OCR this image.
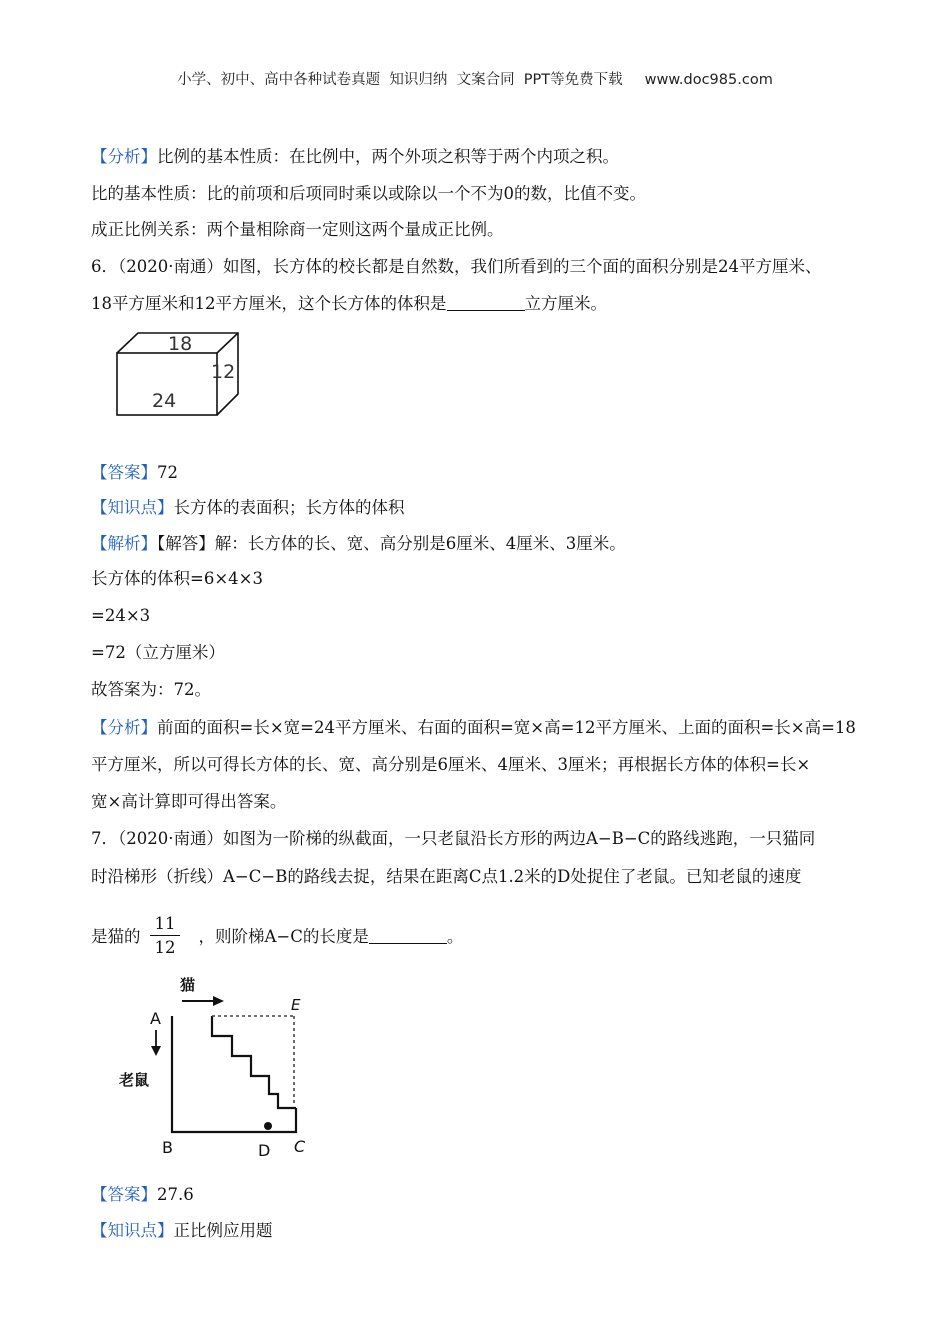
小学、初中、高中各种试卷真题  知识归纳  文案合同  PPT等免费下载 www.doc985.com
【分析】比例的基本性质：在比例中，两个外项之积等于两个内项之积。
比的基本性质：比的前项和后项同时乘以或除以一个不为0的数，比值不变。
成正比例关系：两个量相除商一定则这两个量成正比例。
6．（2020·南通）如图，长方体的校长都是自然数，我们所看到的三个面的面积分别是24平方厘米、
18平方厘米和12平方厘米，这个长方体的体积是	立方厘米。
18
12
24
【答案】72
【知识点】长方体的表面积；长方体的体积
【解析】【解答】解：长方体的长、宽、高分别是6厘米、4厘米、3厘米。
长方体的体积=6×4×3
=24×3
=72（立方厘米）
故答案为：72。
【分析】前面的面积=长×宽=24平方厘米、右面的面积=宽×高=12平方厘米、上面的面积=长×高=18
平方厘米，所以可得长方体的长、宽、高分别是6厘米、4厘米、3厘米；再根据长方体的体积=长×
宽×高计算即可得出答案。
7．（2020·南通）如图为一阶梯的纵截面，一只老鼠沿长方形的两边A−B−C的路线逃跑，一只猫同
时沿梯形（折线）A−C−B的路线去捉，结果在距离C点1.2米的D处捉住了老鼠。已知老鼠的速度
是猫的	，则阶梯A−C的长度是	。
$\frac{11}{12}$
猫
A
老鼠
E
B	D C
【答案】27.6
【知识点】正比例应用题
